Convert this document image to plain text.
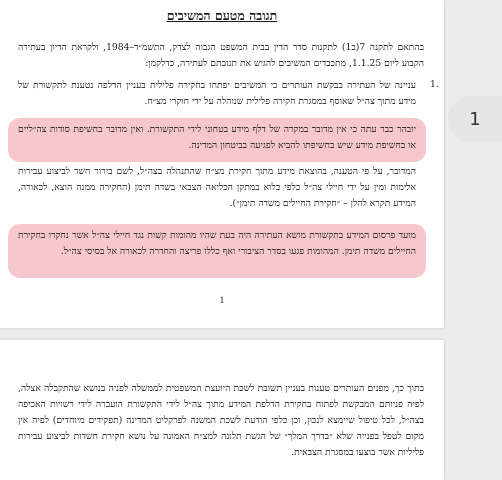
תגובה מטעם המשיבים
בהתאם לתקנה 7(ב1) לתקנות סדר הדין בבית המשפט הגבוה לצדק, התשמ״ד–1984, ולקראת הדיון בעתירה הקבוע ליום 1.1.25, מתכבדים המשיבים להגיש את תגובתם לעתירה, כדלקמן:
1.
עניינה של העתירה בבקשת העותרים כי המשיבים יפתחו בחקירה פלילית בעניין הדלפה נטענת לתקשורת של מידע מתוך צה״ל שאוסף במסגרת חקירה פלילית שנוהלה על ידי חוקרי מצ״ח.
יובהר כבר עתה כי אין מדובר במקרה של דלף מידע בטחוני לידי התקשורת. ואין מדובר בחשיפת סודות צה״ליים או בחשיפת מידע שיש בחשיפתו להביא לפגיעה בביטחון המדינה.
המדובר, על פי הטענה, בהוצאת מידע מתוך חקירת מצ״ח שהתנהלה בצה״ל, לשם בירור חשד לביצוע עבירות אלימות ומין על ידי חיילי צה״ל כלפי כלוא במתקן הכליאה הצבאי בשדה תימן (החקירה ממנה הוצא, לכאורה, המידע תקרא להלן – ״חקירת החיילים משדה תימן״).
מועד פרסום המידע בתקשורת מושא העתירה היה בעת שהיו מהומות קשות נגד חיילי צה״ל אשר נחקרו בחקירת החיילים משדה תימן. המהומות פגעו בסדר הציבורי ואף כללו פריצה והחדרה לכאורה אל בסיסי צה״ל.
1
1
בתוך כך, מפנים העותרים טענות בעניין תשובת לשכת היועצת המשפטית לממשלה לפניה בנושא שהתקבלה אצלה, לפיה פניותם המבקשת לפתוח בחקירת הדלפת המידע מתוך צה״ל לידי התקשורת הועברה לידי רשויות האכיפה בצה״ל, לכל טיפול שיימצא לנכון, וכן כלפי הודעת לשכת המשנה לפרקליט המדינה (תפקידים מיוחדים) לפיה אין מקום לטפל בפנייה שלא ״בדרך המלך״ של הגשת תלונה למצ״ח האמונה על נושא חקירת חשדות לביצוע עבירות פליליות אשר בוצעו במסגרת הצבאית.
